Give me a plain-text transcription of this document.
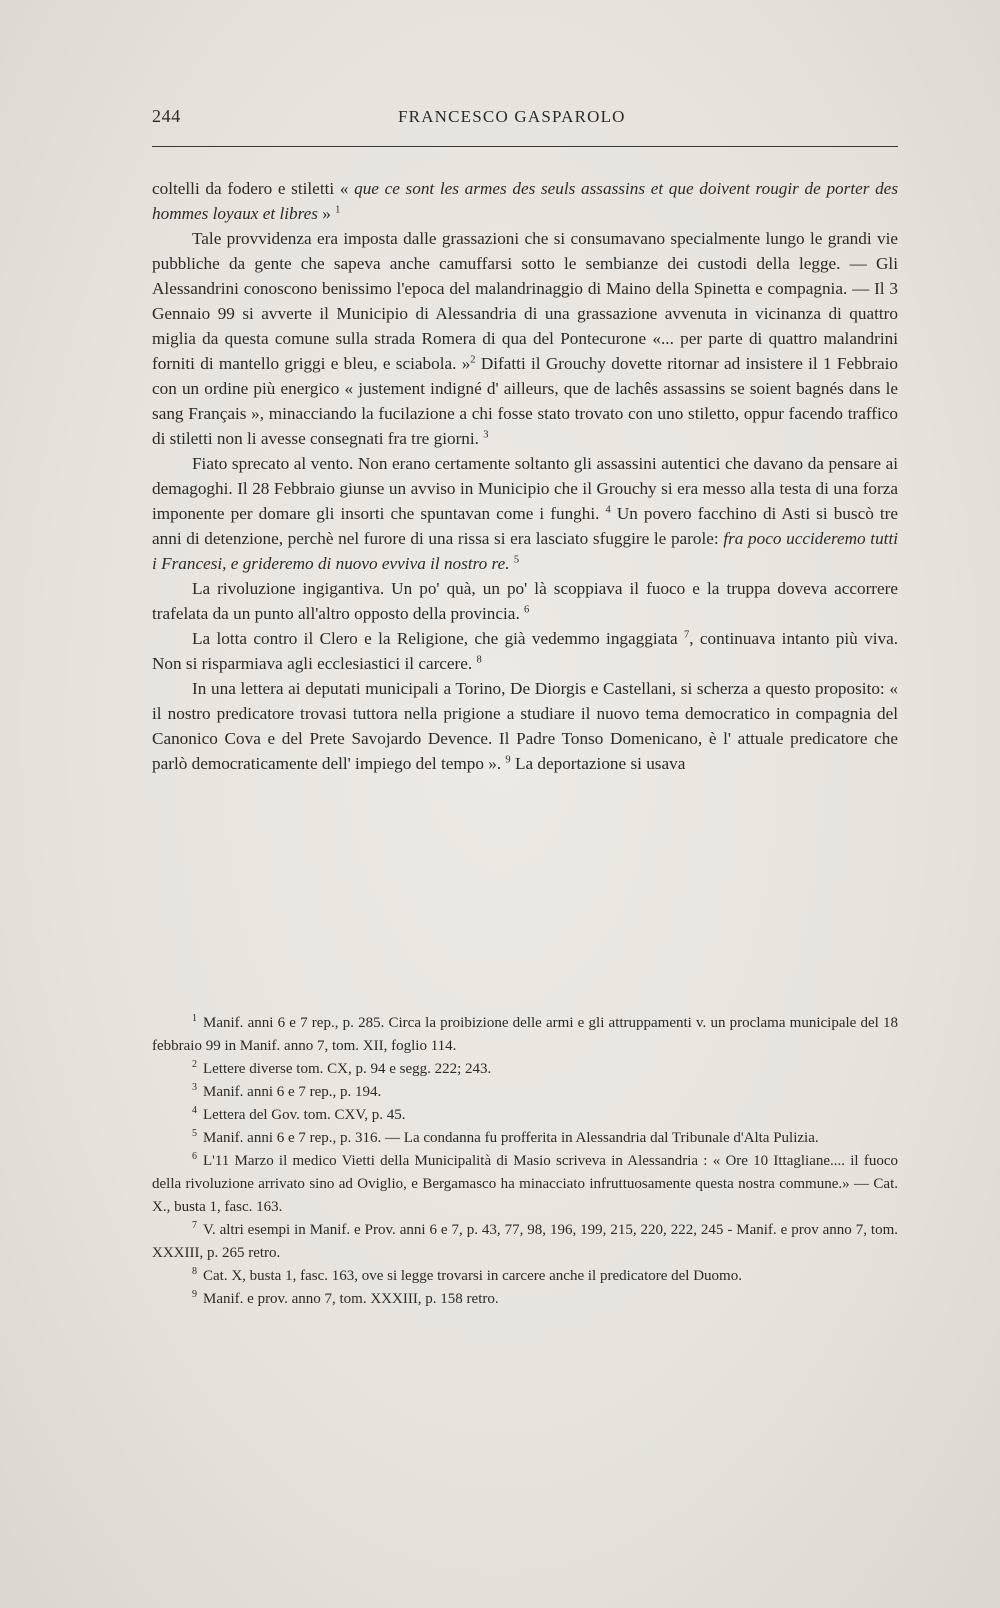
244	FRANCESCO GASPAROLO

coltelli da fodero e stiletti « que ce sont les armes des seuls assassins et que doivent rougir de porter des hommes loyaux et libres » $^1$

Tale provvidenza era imposta dalle grassazioni che si consumavano specialmente lungo le grandi vie pubbliche da gente che sapeva anche camuffarsi sotto le sembianze dei custodi della legge. — Gli Alessandrini conoscono benissimo l'epoca del malandrinaggio di Maino della Spinetta e compagnia. — Il 3 Gennaio 99 si avverte il Municipio di Alessandria di una grassazione avvenuta in vicinanza di quattro miglia da questa comune sulla strada Romera di qua del Pontecurone «... per parte di quattro malandrini forniti di mantello griggi e bleu, e sciabola. »$^2$ Difatti il Grouchy dovette ritornar ad insistere il 1 Febbraio con un ordine più energico « justement indigné d' ailleurs, que de lachês assassins se soient bagnés dans le sang Français », minacciando la fucilazione a chi fosse stato trovato con uno stiletto, oppur facendo traffico di stiletti non li avesse consegnati fra tre giorni. $^3$

Fiato sprecato al vento. Non erano certamente soltanto gli assassini autentici che davano da pensare ai demagoghi. Il 28 Febbraio giunse un avviso in Municipio che il Grouchy si era messo alla testa di una forza imponente per domare gli insorti che spuntavan come i funghi. $^4$ Un povero facchino di Asti si buscò tre anni di detenzione, perchè nel furore di una rissa si era lasciato sfuggire le parole: fra poco uccideremo tutti i Francesi, e grideremo di nuovo evviva il nostro re. $^5$

La rivoluzione ingigantiva. Un po' quà, un po' là scoppiava il fuoco e la truppa doveva accorrere trafelata da un punto all'altro opposto della provincia. $^6$

La lotta contro il Clero e la Religione, che già vedemmo ingaggiata $^7$, continuava intanto più viva. Non si risparmiava agli ecclesiastici il carcere. $^8$

In una lettera ai deputati municipali a Torino, De Diorgis e Castellani, si scherza a questo proposito: « il nostro predicatore trovasi tuttora nella prigione a studiare il nuovo tema democratico in compagnia del Canonico Cova e del Prete Savojardo Devence. Il Padre Tonso Domenicano, è l' attuale predicatore che parlò democraticamente dell' impiego del tempo ». $^9$ La deportazione si usava

$^1$ Manif. anni 6 e 7 rep., p. 285. Circa la proibizione delle armi e gli attruppamenti v. un proclama municipale del 18 febbraio 99 in Manif. anno 7, tom. XII, foglio 114.

$^2$ Lettere diverse tom. CX, p. 94 e segg. 222; 243.

$^3$ Manif. anni 6 e 7 rep., p. 194.

$^4$ Lettera del Gov. tom. CXV, p. 45.

$^5$ Manif. anni 6 e 7 rep., p. 316. — La condanna fu profferita in Alessandria dal Tribunale d'Alta Pulizia.

$^6$ L'11 Marzo il medico Vietti della Municipalità di Masio scriveva in Alessandria : « Ore 10 Ittagliane.... il fuoco della rivoluzione arrivato sino ad Oviglio, e Bergamasco ha minacciato infruttuosamente questa nostra commune.» — Cat. X., busta 1, fasc. 163.

$^7$ V. altri esempi in Manif. e Prov. anni 6 e 7, p. 43, 77, 98, 196, 199, 215, 220, 222, 245 - Manif. e prov anno 7, tom. XXXIII, p. 265 retro.

$^8$ Cat. X, busta 1, fasc. 163, ove si legge trovarsi in carcere anche il predicatore del Duomo.

$^9$ Manif. e prov. anno 7, tom. XXXIII, p. 158 retro.
